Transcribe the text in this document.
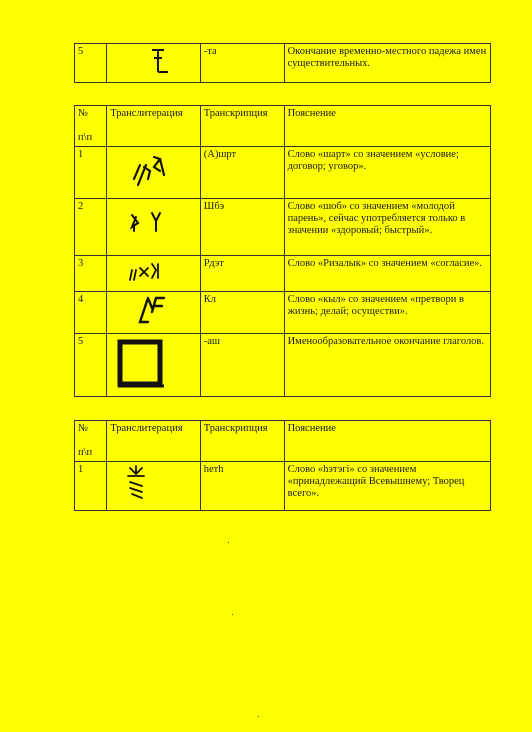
5		-та	Окончание временно-местного падежа имен существительных.
№

п\п	Транслитерация	Транскрипция	Пояснение
1		(А)шрт	Слово «шарт» со значением «условие; договор; уговор».
2		Шбэ	Слово «шоб» со значением «молодой парень», сейчас употребляется только в значении «здоровый; быстрый».
3		Рдэт	Слово «Ризалык» со значением «согласие».
4		Кл	Слово «кыл» со значением «претвори в жизнь; делай; осуществи».
5		-аш	Именообразовательное окончание глаголов.
№

п\п	Транслитерация	Транскрипция	Пояснение
1		hетh	Слово «hэтэгi» со значением «принадлежащий Всевышнему; Творец всего».
